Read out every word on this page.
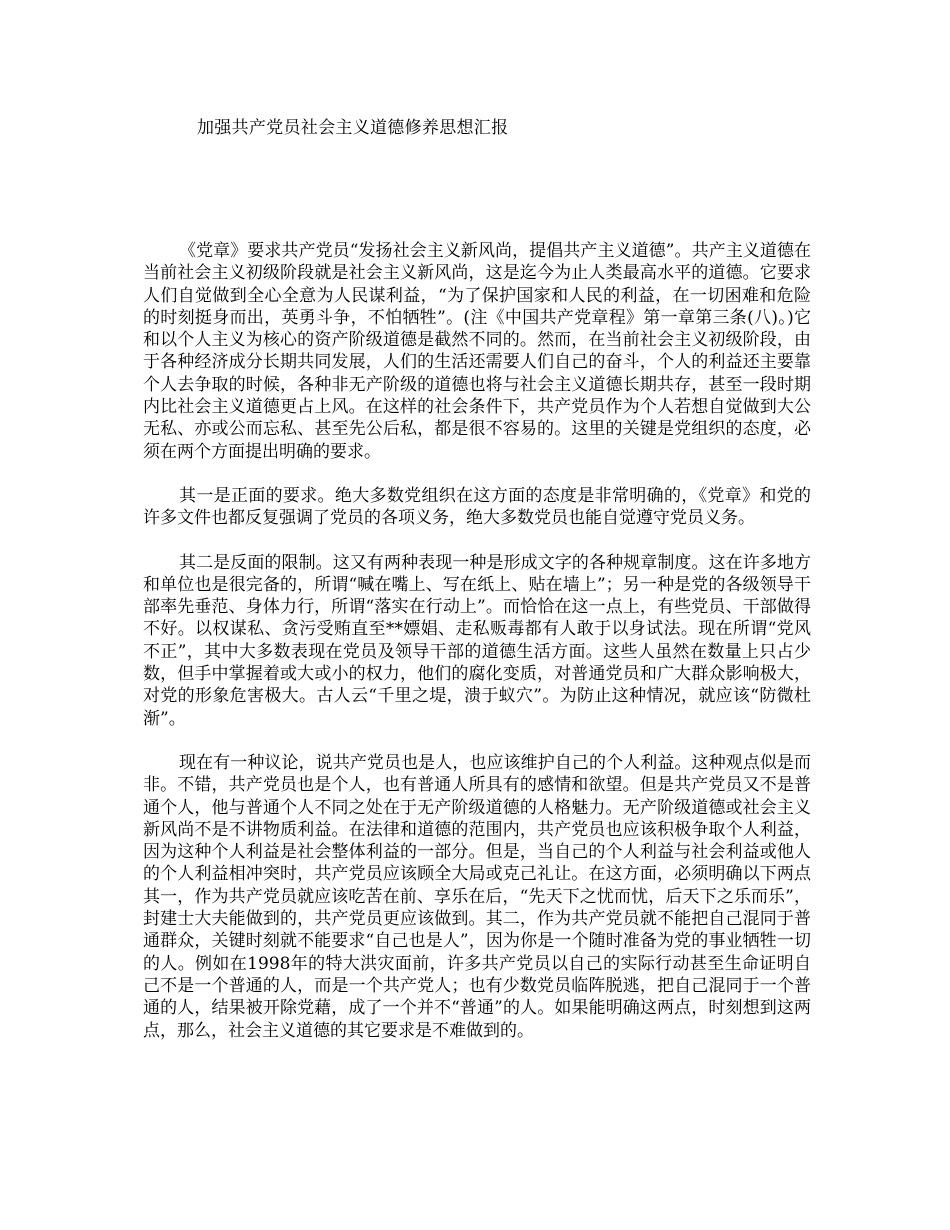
加强共产党员社会主义道德修养思想汇报

《党章》要求共产党员“发扬社会主义新风尚，提倡共产主义道德”。共产主义道德在当前社会主义初级阶段就是社会主义新风尚，这是迄今为止人类最高水平的道德。它要求人们自觉做到全心全意为人民谋利益，“为了保护国家和人民的利益，在一切困难和危险的时刻挺身而出，英勇斗争，不怕牺牲”。(注《中国共产党章程》第一章第三条(八)。)它和以个人主义为核心的资产阶级道德是截然不同的。然而，在当前社会主义初级阶段，由于各种经济成分长期共同发展，人们的生活还需要人们自己的奋斗，个人的利益还主要靠个人去争取的时候，各种非无产阶级的道德也将与社会主义道德长期共存，甚至一段时期内比社会主义道德更占上风。在这样的社会条件下，共产党员作为个人若想自觉做到大公无私、亦或公而忘私、甚至先公后私，都是很不容易的。这里的关键是党组织的态度，必须在两个方面提出明确的要求。

其一是正面的要求。绝大多数党组织在这方面的态度是非常明确的，《党章》和党的许多文件也都反复强调了党员的各项义务，绝大多数党员也能自觉遵守党员义务。

其二是反面的限制。这又有两种表现一种是形成文字的各种规章制度。这在许多地方和单位也是很完备的，所谓“喊在嘴上、写在纸上、贴在墙上”；另一种是党的各级领导干部率先垂范、身体力行，所谓“落实在行动上”。而恰恰在这一点上，有些党员、干部做得不好。以权谋私、贪污受贿直至**嫖娼、走私贩毒都有人敢于以身试法。现在所谓“党风不正”，其中大多数表现在党员及领导干部的道德生活方面。这些人虽然在数量上只占少数，但手中掌握着或大或小的权力，他们的腐化变质，对普通党员和广大群众影响极大，对党的形象危害极大。古人云“千里之堤，溃于蚁穴”。为防止这种情况，就应该“防微杜渐”。

现在有一种议论，说共产党员也是人，也应该维护自己的个人利益。这种观点似是而非。不错，共产党员也是个人，也有普通人所具有的感情和欲望。但是共产党员又不是普通个人，他与普通个人不同之处在于无产阶级道德的人格魅力。无产阶级道德或社会主义新风尚不是不讲物质利益。在法律和道德的范围内，共产党员也应该积极争取个人利益，因为这种个人利益是社会整体利益的一部分。但是，当自己的个人利益与社会利益或他人的个人利益相冲突时，共产党员应该顾全大局或克己礼让。在这方面，必须明确以下两点其一，作为共产党员就应该吃苦在前、享乐在后，“先天下之忧而忧，后天下之乐而乐”，封建士大夫能做到的，共产党员更应该做到。其二，作为共产党员就不能把自己混同于普通群众，关键时刻就不能要求“自己也是人”，因为你是一个随时准备为党的事业牺牲一切的人。例如在1998年的特大洪灾面前，许多共产党员以自己的实际行动甚至生命证明自己不是一个普通的人，而是一个共产党人；也有少数党员临阵脱逃，把自己混同于一个普通的人，结果被开除党藉，成了一个并不“普通”的人。如果能明确这两点，时刻想到这两点，那么，社会主义道德的其它要求是不难做到的。
